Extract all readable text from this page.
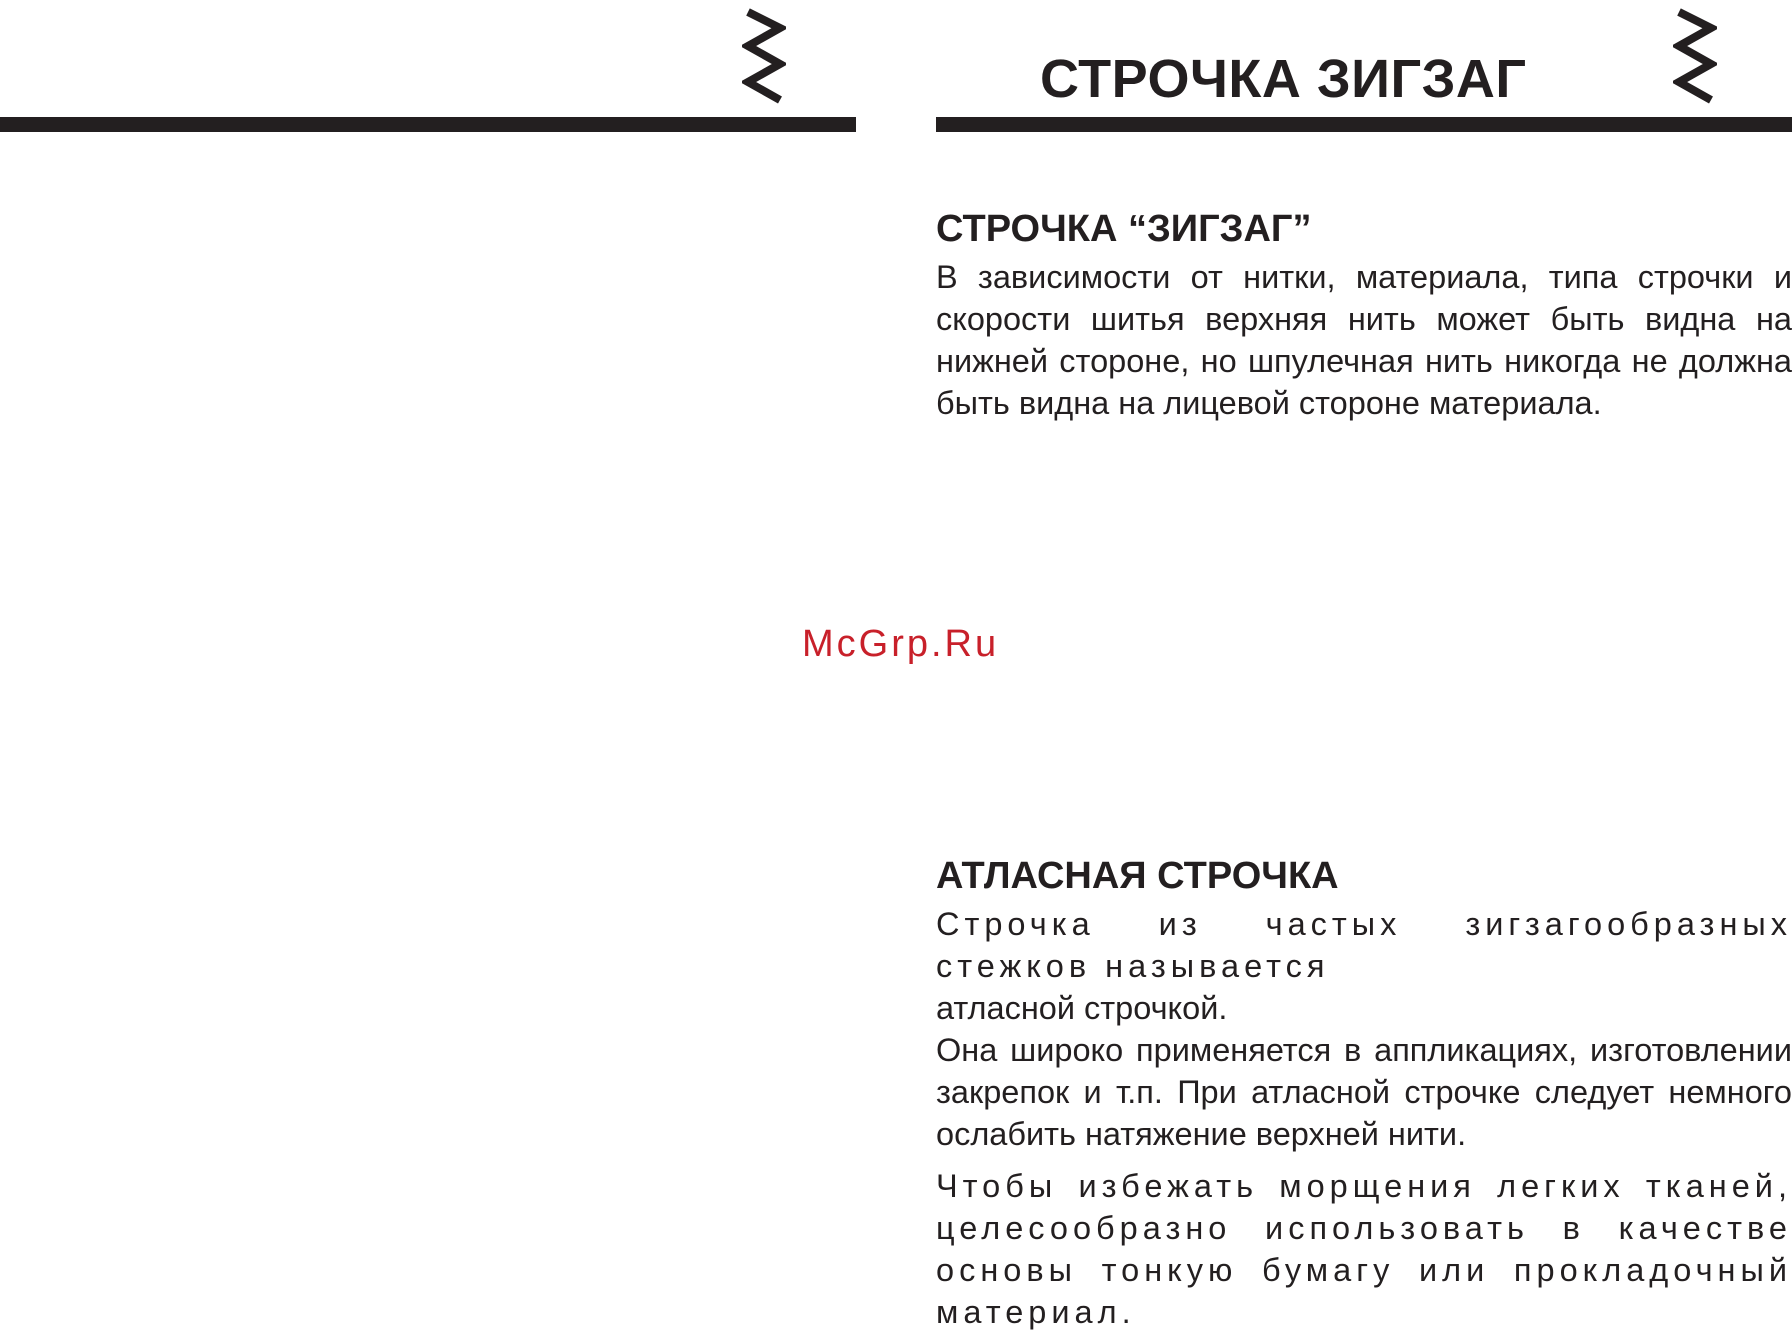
СТРОЧКА ЗИГЗАГ
СТРОЧКА “ЗИГЗАГ”

В зависимости от нитки, материала, типа строчки и скорости шитья верхняя нить может быть видна на нижней стороне, но шпулечная нить никогда не должна быть видна на лицевой стороне материала.

McGrp.Ru
АТЛАСНАЯ СТРОЧКА

Строчка из частых зигзагообразных стежков называется

атласной строчкой.

Она широко применяется в аппликациях, изготовлении закрепок и т.п. При атласной строчке следует немного ослабить натяжение верхней нити.

Чтобы избежать морщения легких тканей, целесообразно использовать в качестве основы тонкую бумагу или прокладочный материал.
